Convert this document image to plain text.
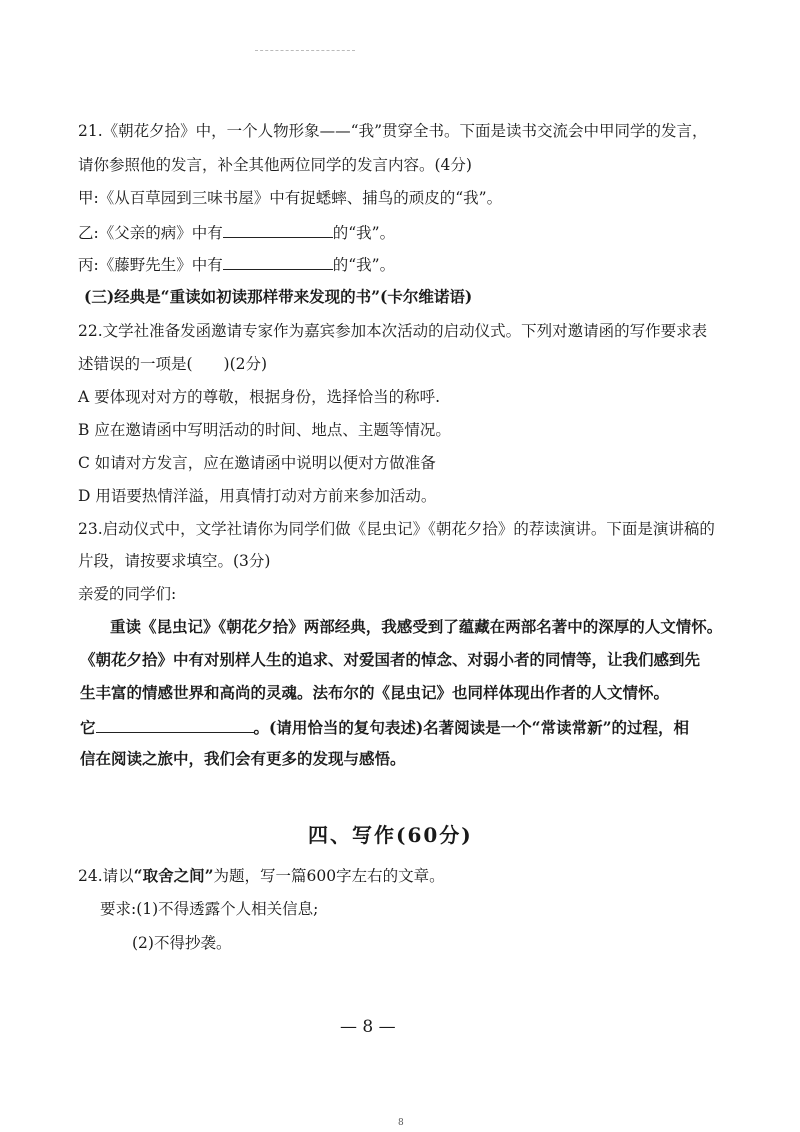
21.《朝花夕拾》中，一个人物形象——“我”贯穿全书。下面是读书交流会中甲同学的发言，
请你参照他的发言，补全其他两位同学的发言内容。(4分)
甲:《从百草园到三味书屋》中有捉蟋蟀、捕鸟的顽皮的“我”。
乙:《父亲的病》中有	的“我”。
丙:《藤野先生》中有	的“我”。
(三)经典是“重读如初读那样带来发现的书”(卡尔维诺语)
22.文学社准备发函邀请专家作为嘉宾参加本次活动的启动仪式。下列对邀请函的写作要求表
述错误的一项是(　　)(2分)
A 要体现对对方的尊敬，根据身份，选择恰当的称呼.
B 应在邀请函中写明活动的时间、地点、主题等情况。
C 如请对方发言，应在邀请函中说明以便对方做准备
D 用语要热情洋溢，用真情打动对方前来参加活动。
23.启动仪式中，文学社请你为同学们做《昆虫记》《朝花夕拾》的荐读演讲。下面是演讲稿的
片段，请按要求填空。(3分)
亲爱的同学们:
重读《昆虫记》《朝花夕拾》两部经典，我感受到了蕴藏在两部名著中的深厚的人文情怀。
《朝花夕拾》中有对别样人生的追求、对爱国者的悼念、对弱小者的同情等，让我们感到先
生丰富的情感世界和高尚的灵魂。法布尔的《昆虫记》也同样体现出作者的人文情怀。
它	。(请用恰当的复句表述)名著阅读是一个“常读常新”的过程，相
信在阅读之旅中，我们会有更多的发现与感悟。
四、写作(60分)
24.请以“取舍之间”为题，写一篇600字左右的文章。
要求:(1)不得透露个人相关信息;
(2)不得抄袭。
— 8 —
8
